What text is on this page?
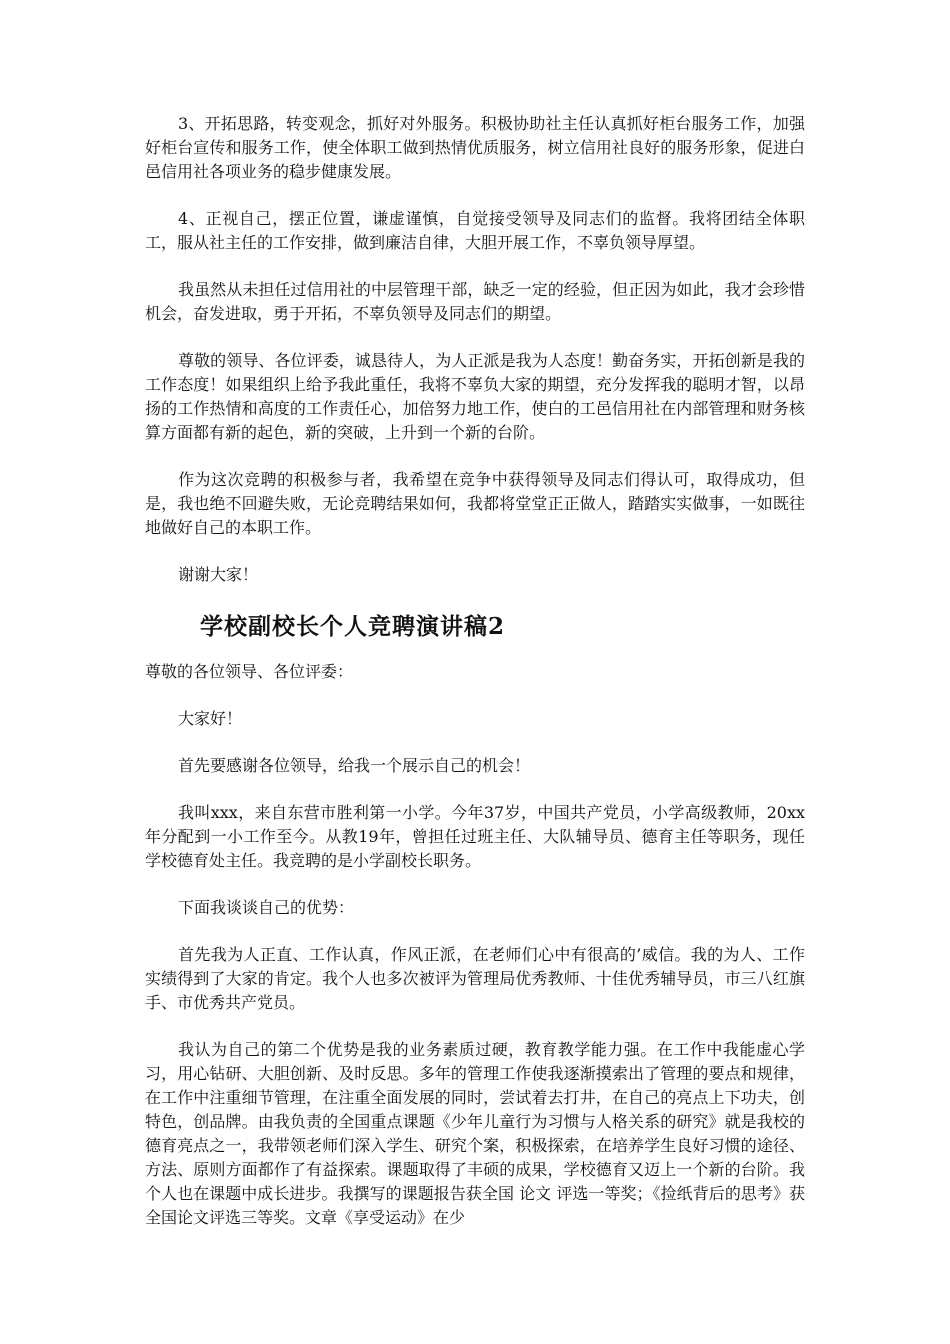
3、开拓思路，转变观念，抓好对外服务。积极协助社主任认真抓好柜台服务工作，加强好柜台宣传和服务工作，使全体职工做到热情优质服务，树立信用社良好的服务形象，促进白邑信用社各项业务的稳步健康发展。

4、正视自己，摆正位置，谦虚谨慎，自觉接受领导及同志们的监督。我将团结全体职工，服从社主任的工作安排，做到廉洁自律，大胆开展工作，不辜负领导厚望。

我虽然从未担任过信用社的中层管理干部，缺乏一定的经验，但正因为如此，我才会珍惜机会，奋发进取，勇于开拓，不辜负领导及同志们的期望。

尊敬的领导、各位评委，诚恳待人，为人正派是我为人态度！勤奋务实，开拓创新是我的工作态度！如果组织上给予我此重任，我将不辜负大家的期望，充分发挥我的聪明才智，以昂扬的工作热情和高度的工作责任心，加倍努力地工作，使白的工邑信用社在内部管理和财务核算方面都有新的起色，新的突破，上升到一个新的台阶。

作为这次竞聘的积极参与者，我希望在竞争中获得领导及同志们得认可，取得成功，但是，我也绝不回避失败，无论竞聘结果如何，我都将堂堂正正做人，踏踏实实做事，一如既往地做好自己的本职工作。

谢谢大家！

学校副校长个人竞聘演讲稿2

尊敬的各位领导、各位评委：

大家好！

首先要感谢各位领导，给我一个展示自己的机会！

我叫xxx，来自东营市胜利第一小学。今年37岁，中国共产党员，小学高级教师，20xx年分配到一小工作至今。从教19年，曾担任过班主任、大队辅导员、德育主任等职务，现任学校德育处主任。我竞聘的是小学副校长职务。

下面我谈谈自己的优势：

首先我为人正直、工作认真，作风正派，在老师们心中有很高的’威信。我的为人、工作实绩得到了大家的肯定。我个人也多次被评为管理局优秀教师、十佳优秀辅导员，市三八红旗手、市优秀共产党员。

我认为自己的第二个优势是我的业务素质过硬，教育教学能力强。在工作中我能虚心学习，用心钻研、大胆创新、及时反思。多年的管理工作使我逐渐摸索出了管理的要点和规律，在工作中注重细节管理，在注重全面发展的同时，尝试着去打井，在自己的亮点上下功夫，创特色，创品牌。由我负责的全国重点课题《少年儿童行为习惯与人格关系的研究》就是我校的德育亮点之一，我带领老师们深入学生、研究个案，积极探索，在培养学生良好习惯的途径、方法、原则方面都作了有益探索。课题取得了丰硕的成果，学校德育又迈上一个新的台阶。我个人也在课题中成长进步。我撰写的课题报告获全国 论文 评选一等奖；《捡纸背后的思考》获全国论文评选三等奖。文章《享受运动》在少
